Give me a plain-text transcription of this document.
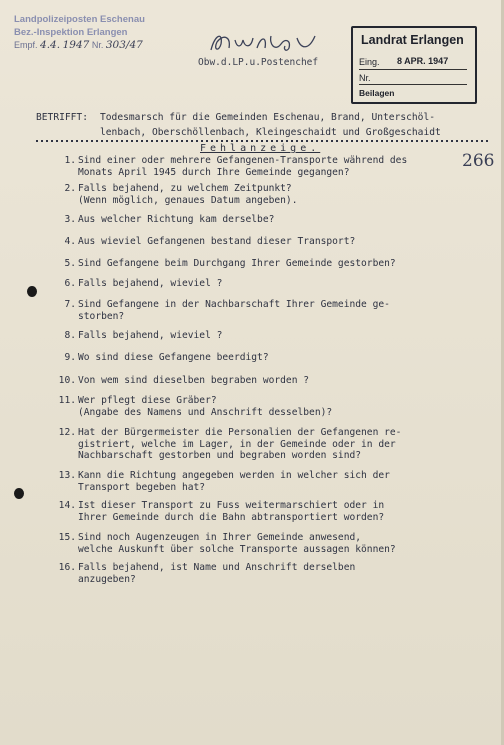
Landpolizeiposten Eschenau
Bez.-Inspektion Erlangen
Empf. 4.4. 1947 Nr. 303/47
Obw.d.LP.u.Postenchef
Landrat Erlangen
Eing. 8 APR. 1947
Nr.
Beilagen
BETRIFFT: Todesmarsch für die Gemeinden Eschenau, Brand, Unterschöl-
lenbach, Oberschöllenbach, Kleingeschaidt und Großgeschaidt
Fehlanzeige.
266
1. Sind einer oder mehrere Gefangenen-Transporte während des
Monats April 1945 durch Ihre Gemeinde gegangen?
2. Falls bejahend, zu welchem Zeitpunkt?
(Wenn möglich, genaues Datum angeben).
3. Aus welcher Richtung kam derselbe?
4. Aus wieviel Gefangenen bestand dieser Transport?
5. Sind Gefangene beim Durchgang Ihrer Gemeinde gestorben?
6. Falls bejahend, wieviel ?
7. Sind Gefangene in der Nachbarschaft Ihrer Gemeinde ge-
storben?
8. Falls bejahend, wieviel ?
9. Wo sind diese Gefangene beerdigt?
10. Von wem sind dieselben begraben worden ?
11. Wer pflegt diese Gräber?
(Angabe des Namens und Anschrift desselben)?
12. Hat der Bürgermeister die Personalien der Gefangenen re-
gistriert, welche im Lager, in der Gemeinde oder in der
Nachbarschaft gestorben und begraben worden sind?
13. Kann die Richtung angegeben werden in welcher sich der
Transport begeben hat?
14. Ist dieser Transport zu Fuss weitermarschiert oder in
Ihrer Gemeinde durch die Bahn abtransportiert worden?
15. Sind noch Augenzeugen in Ihrer Gemeinde anwesend,
welche Auskunft über solche Transporte aussagen können?
16. Falls bejahend, ist Name und Anschrift derselben
anzugeben?
